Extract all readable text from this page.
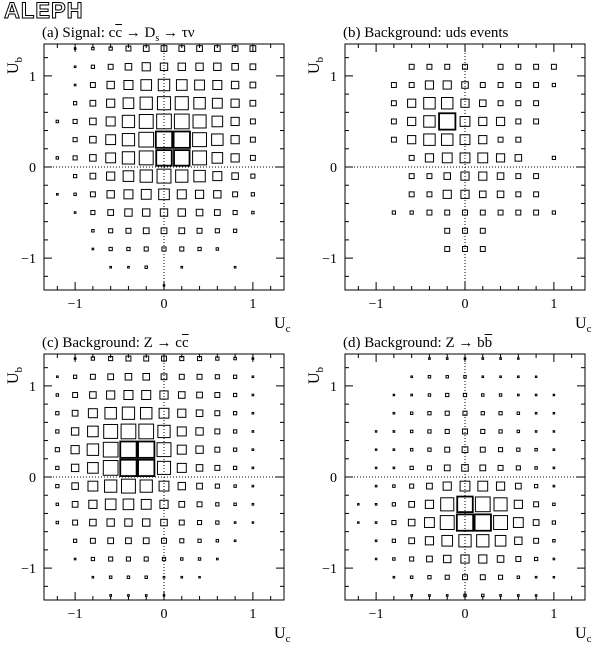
ALEPH
(a) Signal: $c\overline{c} \to D_s \to \tau\nu$
−1	0	1
−1
0
1
$U_c$
$U_b$
(b) Background: uds events
−1	0	1
−1
0
1
$U_c$
$U_b$
(c) Background: $Z \to c\overline{c}$
−1	0	1
−1
0
1
$U_c$
$U_b$
(d) Background: $Z \to b\overline{b}$
−1	0	1
−1
0
1
$U_c$
$U_b$
